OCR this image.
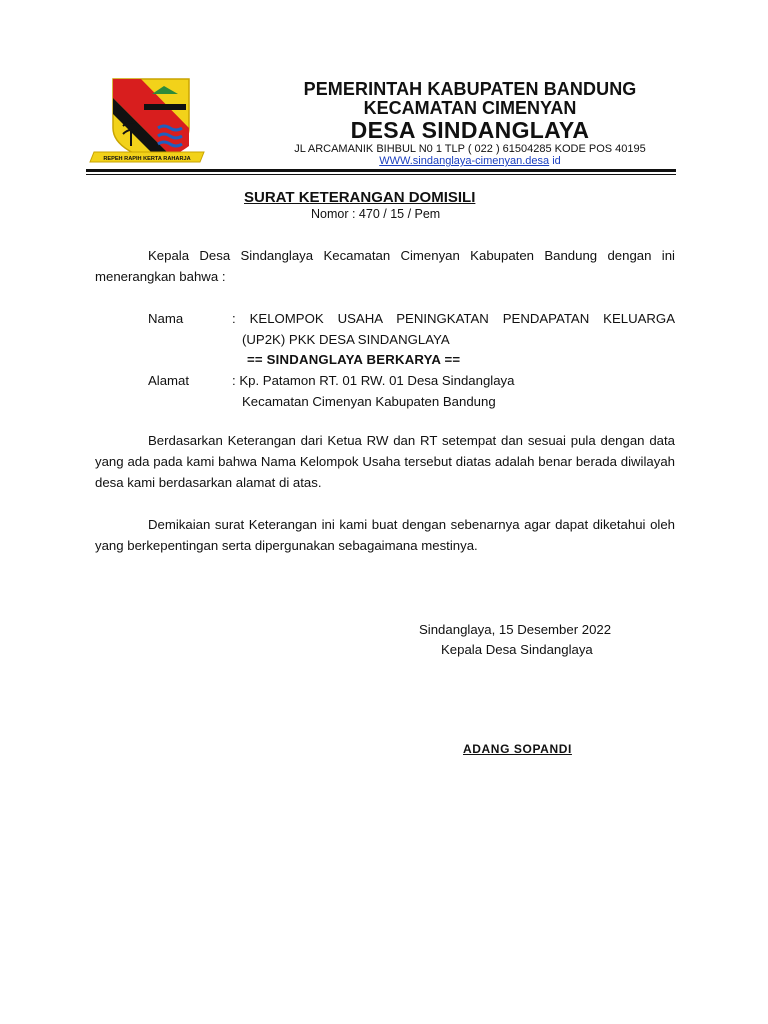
REPEH RAPIH KERTA RAHARJA
PEMERINTAH KABUPATEN BANDUNG
KECAMATAN CIMENYAN
DESA SINDANGLAYA
JL ARCAMANIK BIHBUL N0 1 TLP ( 022 ) 61504285 KODE POS 40195
WWW.sindanglaya-cimenyan.desa id
SURAT KETERANGAN DOMISILI
Nomor : 470 / 15 / Pem
Kepala Desa Sindanglaya Kecamatan Cimenyan Kabupaten Bandung dengan ini menerangkan bahwa :
Nama	: KELOMPOK USAHA PENINGKATAN PENDAPATAN KELUARGA
(UP2K) PKK DESA SINDANGLAYA
== SINDANGLAYA BERKARYA ==
Alamat	: Kp. Patamon RT. 01 RW. 01 Desa Sindanglaya
Kecamatan Cimenyan Kabupaten Bandung
Berdasarkan Keterangan dari Ketua RW dan RT setempat dan sesuai pula dengan data yang ada pada kami bahwa Nama Kelompok Usaha tersebut diatas adalah benar berada diwilayah desa kami berdasarkan alamat di atas.
Demikaian surat Keterangan ini kami buat dengan sebenarnya agar dapat diketahui oleh yang berkepentingan serta dipergunakan sebagaimana mestinya.
Sindanglaya, 15 Desember 2022
Kepala Desa Sindanglaya
ADANG SOPANDI
